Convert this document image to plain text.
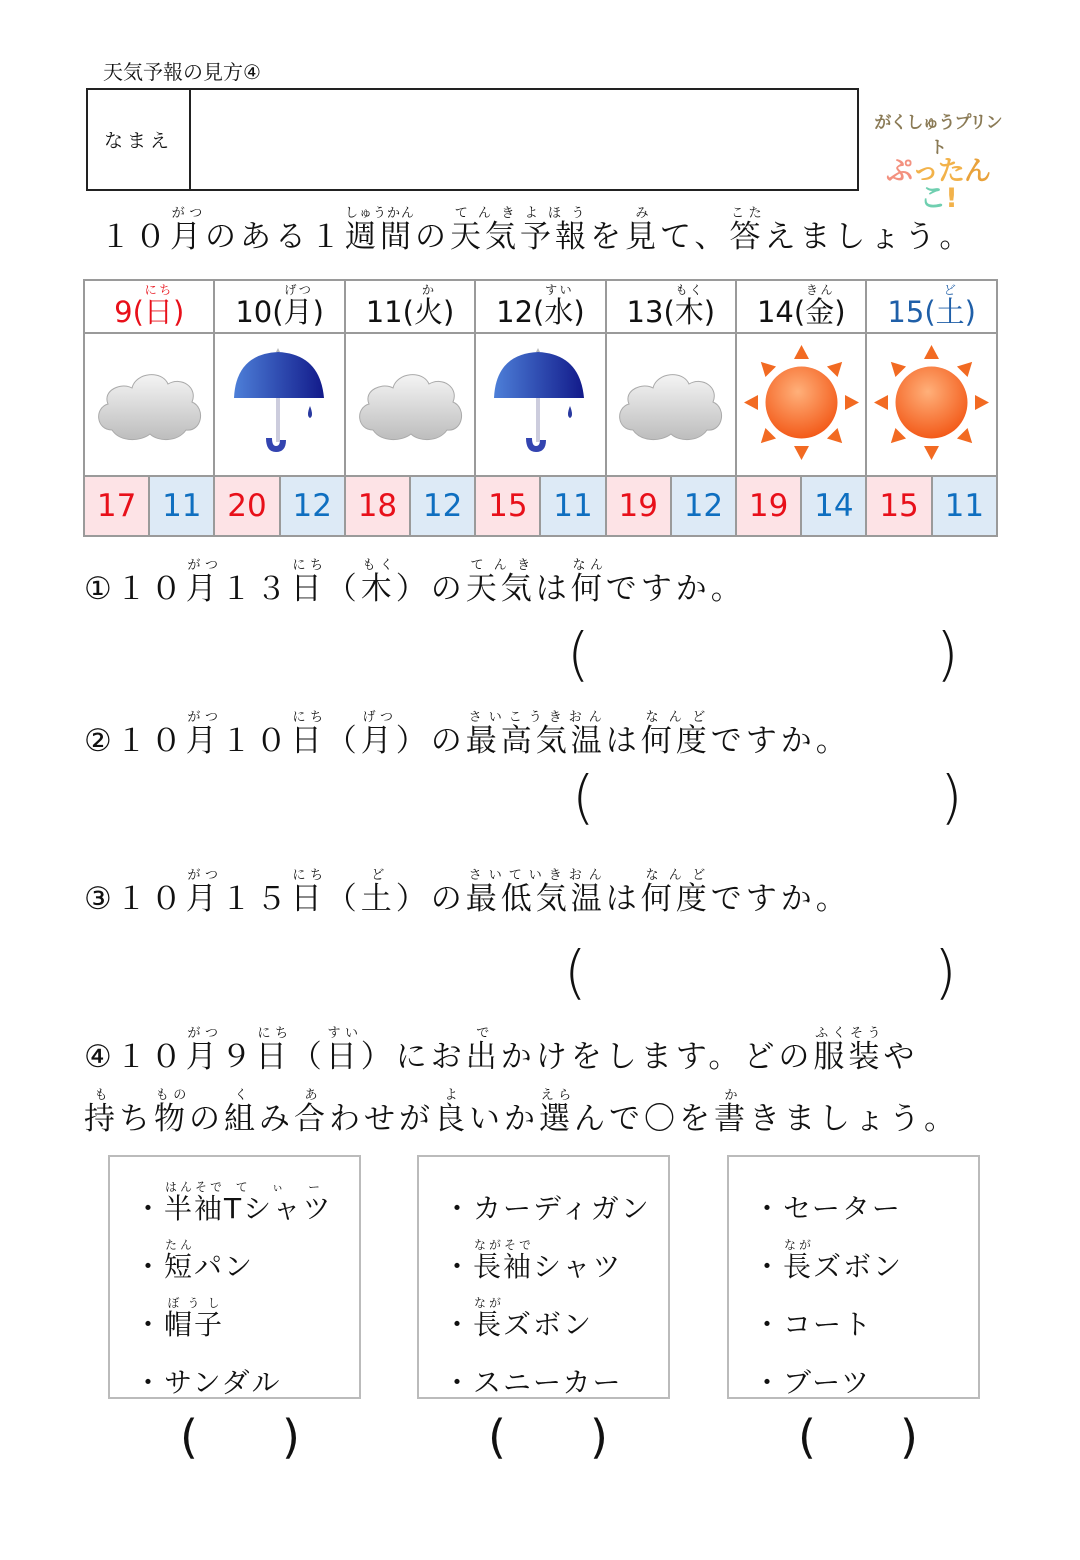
天気予報の見方④
なまえ
がくしゅうプリント
ぷったんこ!
１０月がつのある１週間しゅうかんの天気てんき予報よほうを見みて、答こたえましょう。
9(日にち)		10(月げつ)		11(火か)		12(水すい)		13(木もく)		14(金きん)		15(土ど)	

17	11	20	12	18	12	15	11	19	12	19	14	15	11
①１０月がつ１３日にち（木もく）の天気てんきは何なんですか。
(	)
②１０月がつ１０日にち（月げつ）の最高気温さいこうきおんは何度なんどですか。
(	)
③１０月がつ１５日にち（土ど）の最低気温さいていきおんは何度なんどですか。
(	)
④１０月がつ９日にち（日すい）にお出でかけをします。どの服装ふくそうや
持もち物ものの組くみ合あわせが良よいか選えらんで〇を書かきましょう。
・ 半袖はんそで
Tシャツてぃー
・ 短たん
パン
・ 帽子ぼうし
・サンダル
・カーディガン
・ 長袖ながそで
シャツ
・ 長なが
ズボン
・スニーカー
・セーター
・ 長なが
ズボン
・コート
・ブーツ
( )	( )	( )
